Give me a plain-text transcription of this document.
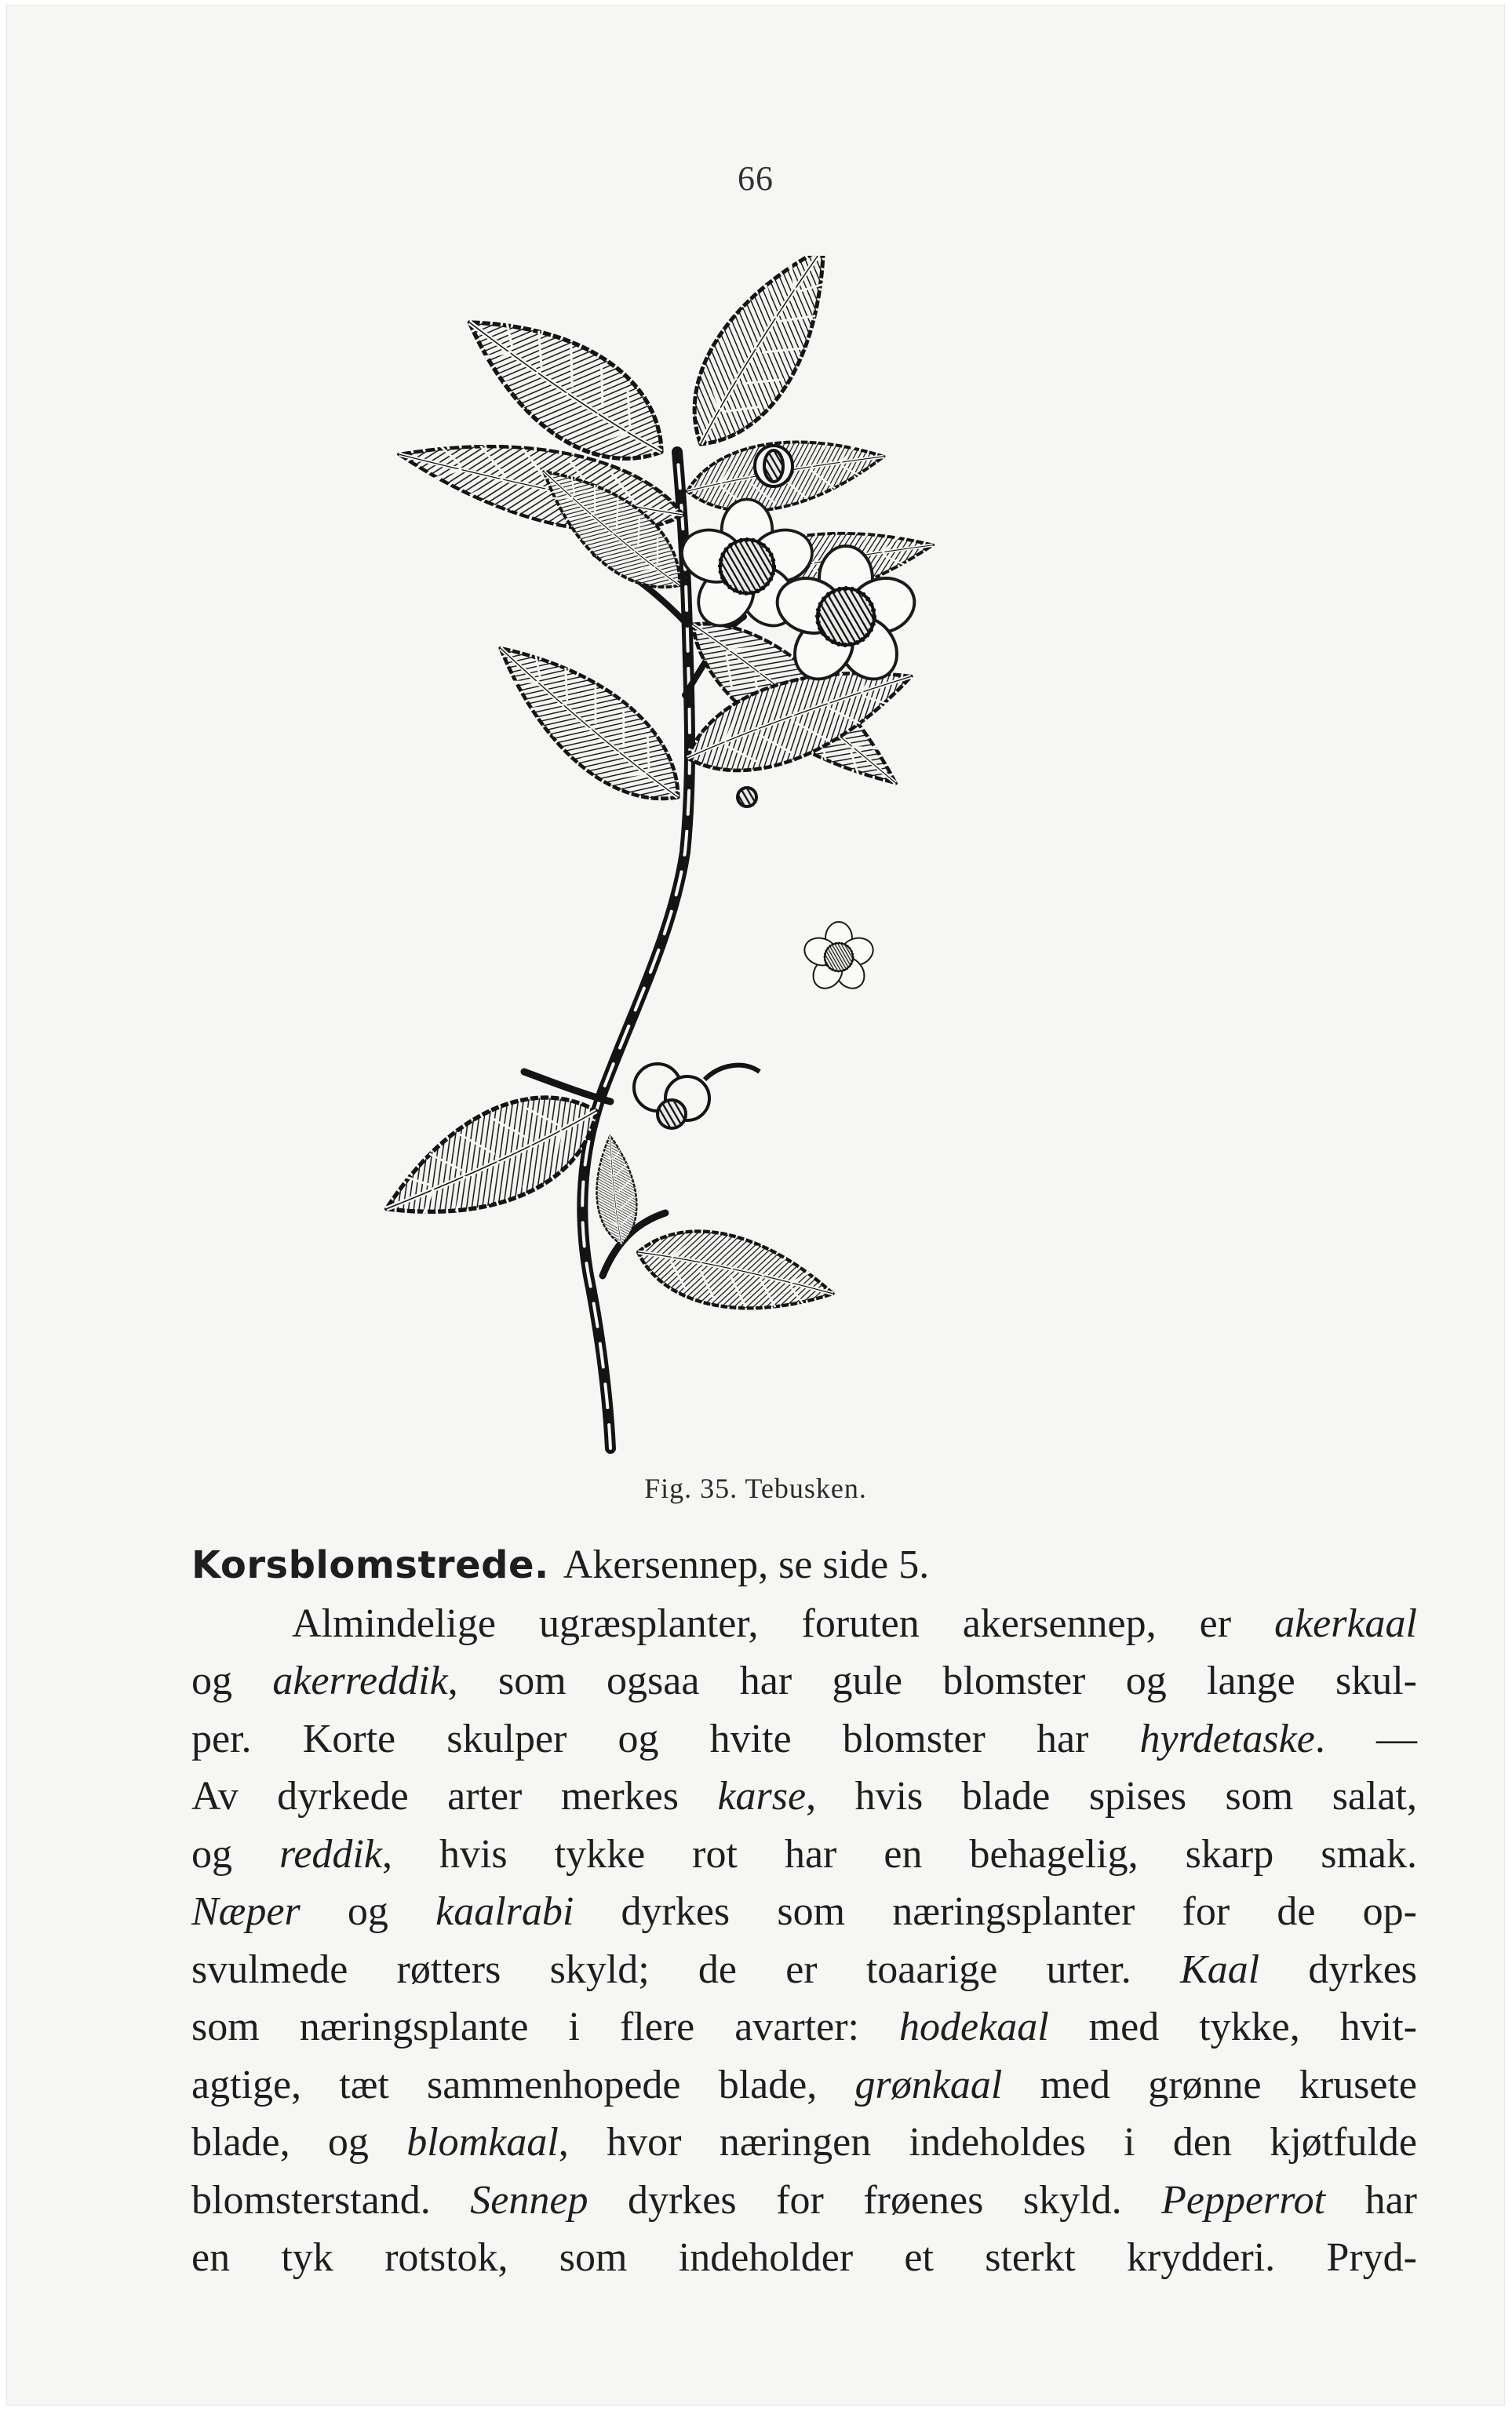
66
Fig. 35. Tebusken.
Korsblomstrede. Akersennep, se side 5.
Almindelige ugræsplanter, foruten akersennep, er akerkaal
og akerreddik, som ogsaa har gule blomster og lange skul-
per. Korte skulper og hvite blomster har hyrdetaske. —
Av dyrkede arter merkes karse, hvis blade spises som salat,
og reddik, hvis tykke rot har en behagelig, skarp smak.
Næper og kaalrabi dyrkes som næringsplanter for de op-
svulmede røtters skyld; de er toaarige urter. Kaal dyrkes
som næringsplante i flere avarter: hodekaal med tykke, hvit-
agtige, tæt sammenhopede blade, grønkaal med grønne krusete
blade, og blomkaal, hvor næringen indeholdes i den kjøtfulde
blomsterstand. Sennep dyrkes for frøenes skyld. Pepperrot har
en tyk rotstok, som indeholder et sterkt krydderi. Pryd-
